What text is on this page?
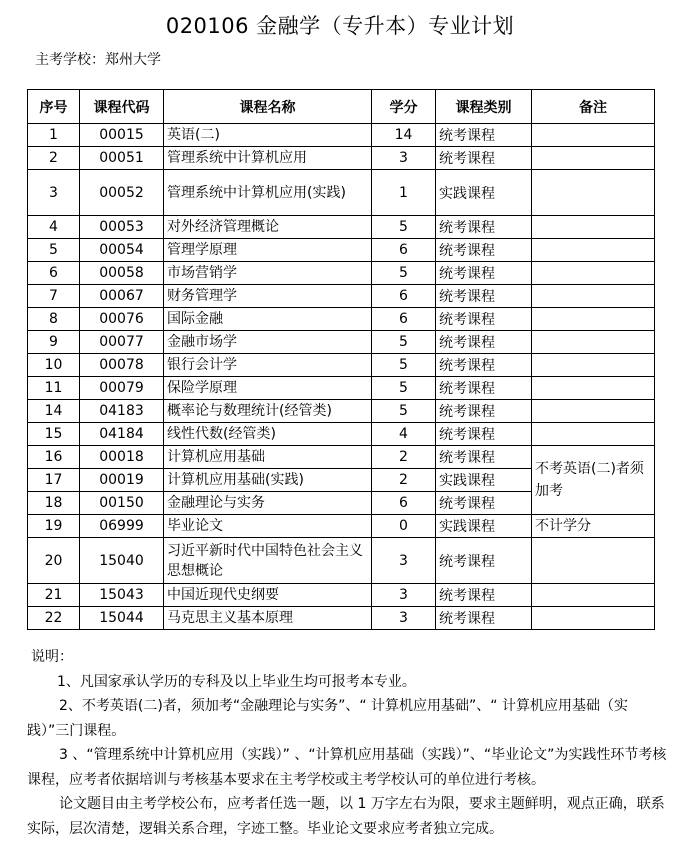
020106 金融学（专升本）专业计划
主考学校：郑州大学
序号	课程代码	课程名称	学分	课程类别	备注
1	00015	英语(二)	14	统考课程	
2	00051	管理系统中计算机应用	3	统考课程	
3	00052	管理系统中计算机应用(实践)	1	实践课程	
4	00053	对外经济管理概论	5	统考课程	
5	00054	管理学原理	6	统考课程	
6	00058	市场营销学	5	统考课程	
7	00067	财务管理学	6	统考课程	
8	00076	国际金融	6	统考课程	
9	00077	金融市场学	5	统考课程	
10	00078	银行会计学	5	统考课程	
11	00079	保险学原理	5	统考课程	
14	04183	概率论与数理统计(经管类)	5	统考课程	
15	04184	线性代数(经管类)	4	统考课程	
16	00018	计算机应用基础	2	统考课程	不考英语(二)者须加考
17	00019	计算机应用基础(实践)	2	实践课程	
18	00150	金融理论与实务	6	统考课程	
19	06999	毕业论文	0	实践课程	不计学分
20	15040	习近平新时代中国特色社会主义思想概论	3	统考课程	
21	15043	中国近现代史纲要	3	统考课程	
22	15044	马克思主义基本原理	3	统考课程	

说明：

1、凡国家承认学历的专科及以上毕业生均可报考本专业。

2、不考英语(二)者，须加考“金融理论与实务”、“ 计算机应用基础”、“ 计算机应用基础（实践）”三门课程。

3 、“管理系统中计算机应用（实践）” 、“计算机应用基础（实践）”、“毕业论文”为实践性环节考核课程，应考者依据培训与考核基本要求在主考学校或主考学校认可的单位进行考核。

论文题目由主考学校公布，应考者任选一题，以 1 万字左右为限，要求主题鲜明，观点正确，联系实际，层次清楚，逻辑关系合理，字迹工整。毕业论文要求应考者独立完成。
